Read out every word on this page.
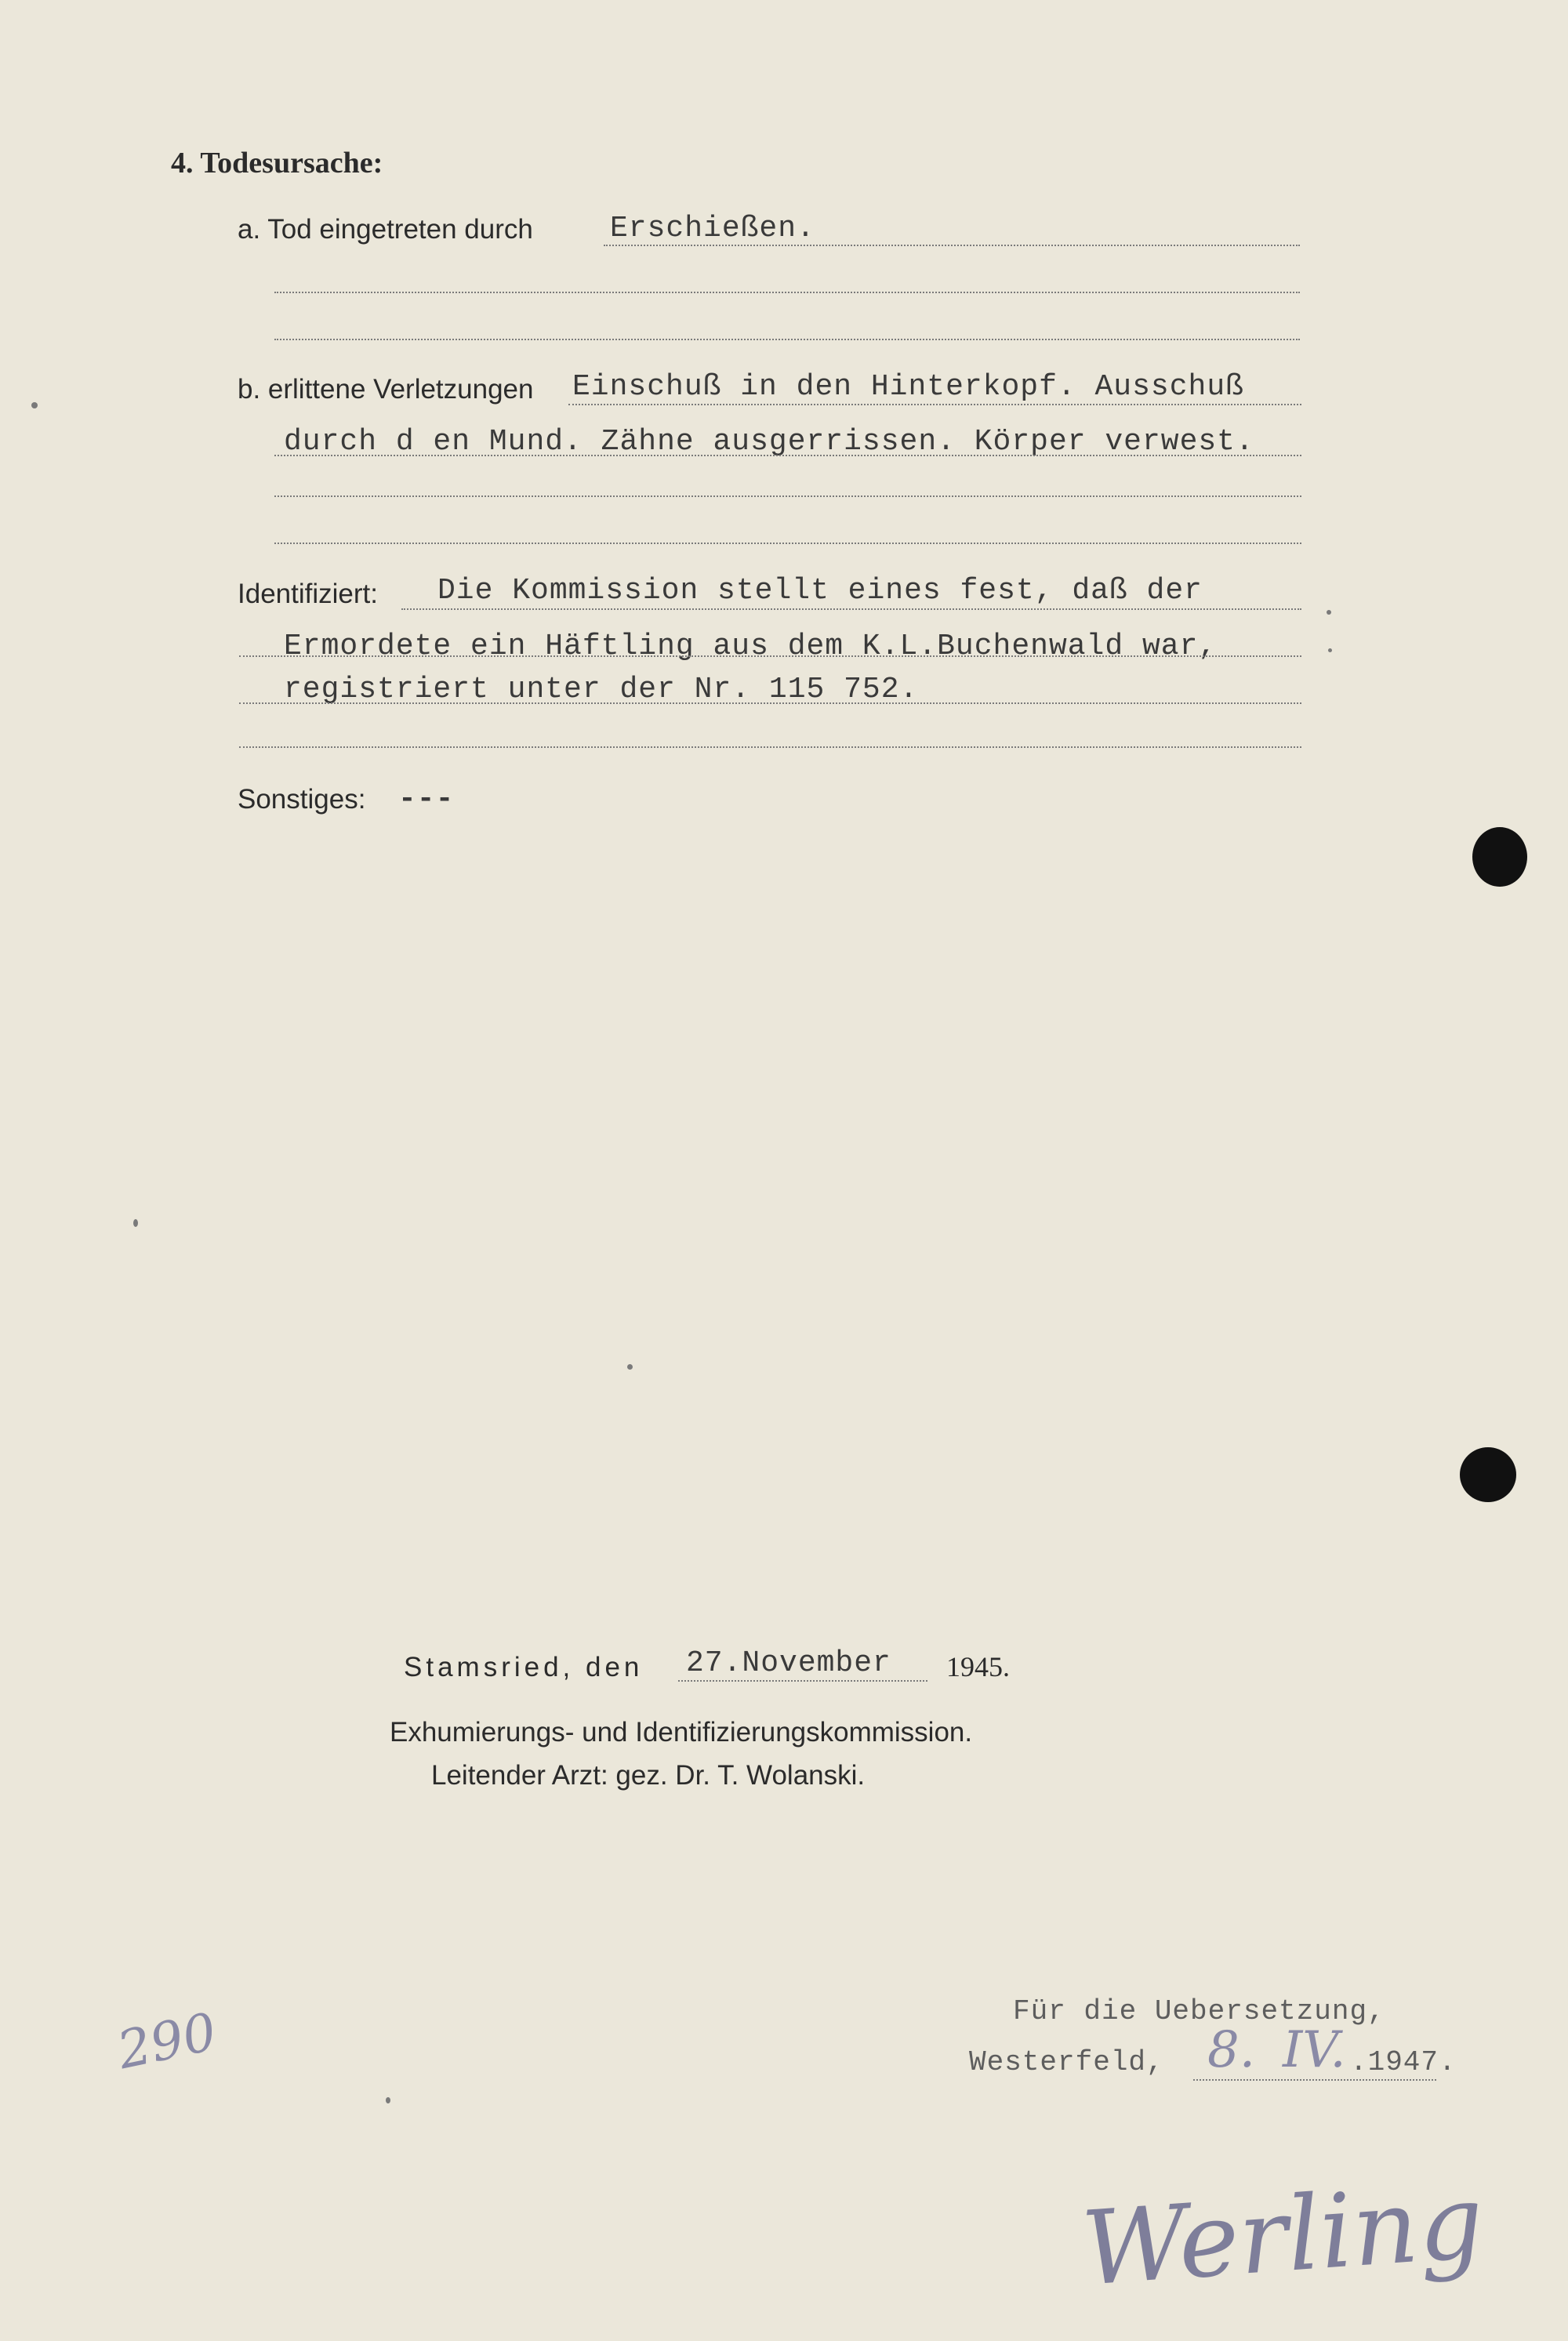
4. Todesursache:
a. Tod eingetreten durch	Erschießen.
b. erlittene Verletzungen Einschuß in den Hinterkopf. Ausschuß
durch d en Mund. Zähne ausgerrissen. Körper verwest.
Identifiziert: Die Kommission stellt eines fest, daß der
Ermordete ein Häftling aus dem K.L.Buchenwald war,
registriert unter der Nr. 115 752.
Sonstiges: ---
Stamsried, den 27.November 1945.
Exhumierungs- und Identifizierungskommission.
Leitender Arzt: gez. Dr. T. Wolanski.
Für die Uebersetzung,
Westerfeld, 8. IV. .1947.
290
Werling
